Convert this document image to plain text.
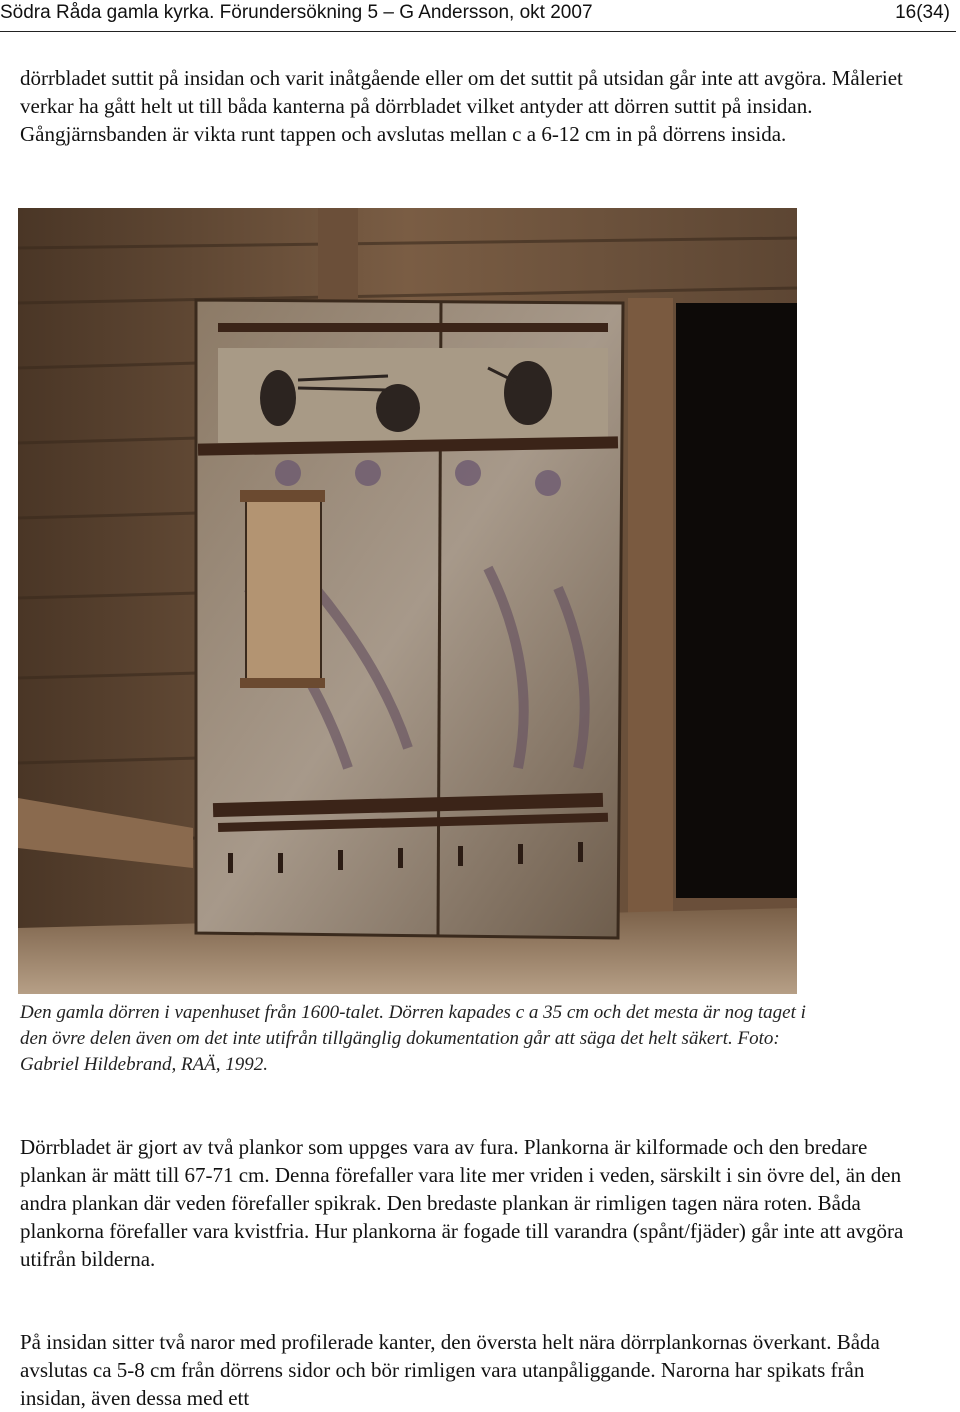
Södra Råda gamla kyrka. Förundersökning 5 – G Andersson, okt 2007	16(34)

dörrbladet suttit på insidan och varit inåtgående eller om det suttit på utsidan går inte att avgöra. Måleriet verkar ha gått helt ut till båda kanterna på dörrbladet vilket antyder att dörren suttit på insidan. Gångjärnsbanden är vikta runt tappen och avslutas mellan c a 6-12 cm in på dörrens insida.

Den gamla dörren i vapenhuset från 1600-talet. Dörren kapades c a 35 cm och det mesta är nog taget i den övre delen även om det inte utifrån tillgänglig dokumentation går att säga det helt säkert. Foto: Gabriel Hildebrand, RAÄ, 1992.

Dörrbladet är gjort av två plankor som uppges vara av fura. Plankorna är kilformade och den bredare plankan är mätt till 67-71 cm. Denna förefaller vara lite mer vriden i veden, särskilt i sin övre del, än den andra plankan där veden förefaller spikrak. Den bredaste plankan är rimligen tagen nära roten. Båda plankorna förefaller vara kvistfria. Hur plankorna är fogade till varandra (spånt/fjäder) går inte att avgöra utifrån bilderna.

På insidan sitter två naror med profilerade kanter, den översta helt nära dörrplankornas överkant. Båda avslutas ca 5-8 cm från dörrens sidor och bör rimligen vara utanpåliggande. Narorna har spikats från insidan, även dessa med ett
